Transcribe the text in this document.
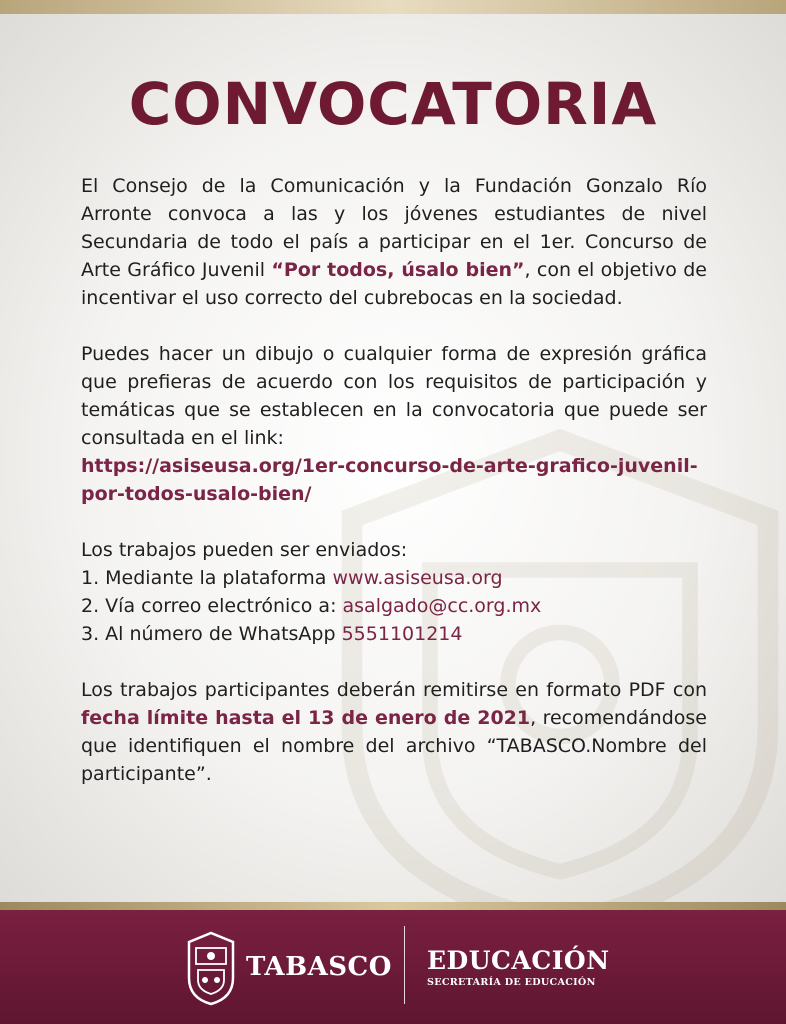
CONVOCATORIA

El Consejo de la Comunicación y la Fundación Gonzalo Río Arronte convoca a las y los jóvenes estudiantes de nivel Secundaria de todo el país a participar en el 1er. Concurso de Arte Gráfico Juvenil “Por todos, úsalo bien”, con el objetivo de incentivar el uso correcto del cubrebocas en la sociedad.

Puedes hacer un dibujo o cualquier forma de expresión gráfica que prefieras de acuerdo con los requisitos de participación y temáticas que se establecen en la convocatoria que puede ser consultada en el link:
https://asiseusa.org/1er-concurso-de-arte-grafico-juvenil-por-todos-usalo-bien/

Los trabajos pueden ser enviados:

1. Mediante la plataforma www.asiseusa.org

2. Vía correo electrónico a: asalgado@cc.org.mx

3. Al número de WhatsApp 5551101214

Los trabajos participantes deberán remitirse en formato PDF con fecha límite hasta el 13 de enero de 2021, recomendándose que identifiquen el nombre del archivo “TABASCO.Nombre del participante”.

TABASCO EDUCACIÓN
SECRETARÍA DE EDUCACIÓN
